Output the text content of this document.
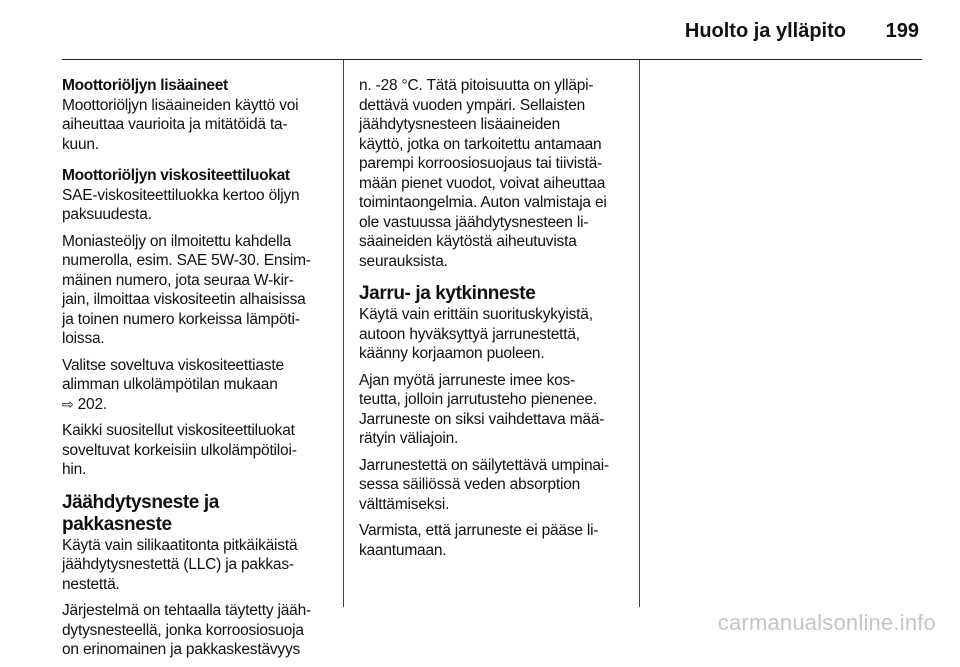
Huolto ja ylläpito 199

Moottoriöljyn lisäaineet

Moottoriöljyn lisäaineiden käyttö voi
aiheuttaa vaurioita ja mitätöidä ta-
kuun.

Moottoriöljyn viskositeettiluokat

SAE-viskositeettiluokka kertoo öljyn
paksuudesta.

Moniasteöljy on ilmoitettu kahdella
numerolla, esim. SAE 5W-30. Ensim-
mäinen numero, jota seuraa W-kir-
jain, ilmoittaa viskositeetin alhaisissa
ja toinen numero korkeissa lämpöti-
loissa.

Valitse soveltuva viskositeettiaste
alimman ulkolämpötilan mukaan
⇨ 202.

Kaikki suositellut viskositeettiluokat
soveltuvat korkeisiin ulkolämpötiloi-
hin.

Jäähdytysneste ja pakkasneste

Käytä vain silikaatitonta pitkäikäistä
jäähdytysnestettä (LLC) ja pakkas-
nestettä.

Järjestelmä on tehtaalla täytetty jääh-
dytysnesteellä, jonka korroosiosuoja
on erinomainen ja pakkaskestävyys

n. -28 °C. Tätä pitoisuutta on ylläpi-
dettävä vuoden ympäri. Sellaisten
jäähdytysnesteen lisäaineiden
käyttö, jotka on tarkoitettu antamaan
parempi korroosiosuojaus tai tiivistä-
mään pienet vuodot, voivat aiheuttaa
toimintaongelmia. Auton valmistaja ei
ole vastuussa jäähdytysnesteen li-
säaineiden käytöstä aiheutuvista
seurauksista.

Jarru- ja kytkinneste

Käytä vain erittäin suorituskykyistä,
autoon hyväksyttyä jarrunestettä,
käänny korjaamon puoleen.

Ajan myötä jarruneste imee kos-
teutta, jolloin jarrutusteho pienenee.
Jarruneste on siksi vaihdettava mää-
rätyin väliajoin.

Jarrunestettä on säilytettävä umpinai-
sessa säiliössä veden absorption
välttämiseksi.

Varmista, että jarruneste ei pääse li-
kaantumaan.

carmanualsonline.info
